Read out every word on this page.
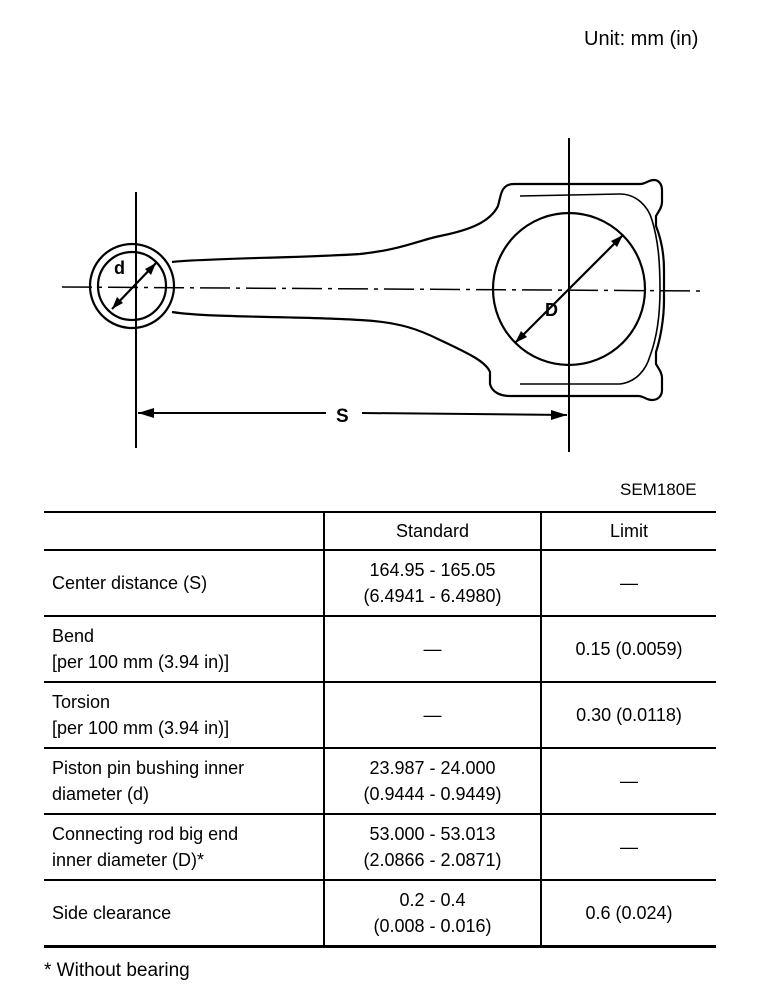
Unit: mm (in)
d
D
S
SEM180E
	Standard	Limit

Center distance (S)	164.95 - 165.05
(6.4941 - 6.4980)	—

Bend
[per 100 mm (3.94 in)]	—	0.15 (0.0059)

Torsion
[per 100 mm (3.94 in)]	—	0.30 (0.0118)

Piston pin bushing inner
diameter (d)	23.987 - 24.000
(0.9444 - 0.9449)	—

Connecting rod big end
inner diameter (D)*	53.000 - 53.013
(2.0866 - 2.0871)	—

Side clearance	0.2 - 0.4
(0.008 - 0.016)	0.6 (0.024)
* Without bearing
